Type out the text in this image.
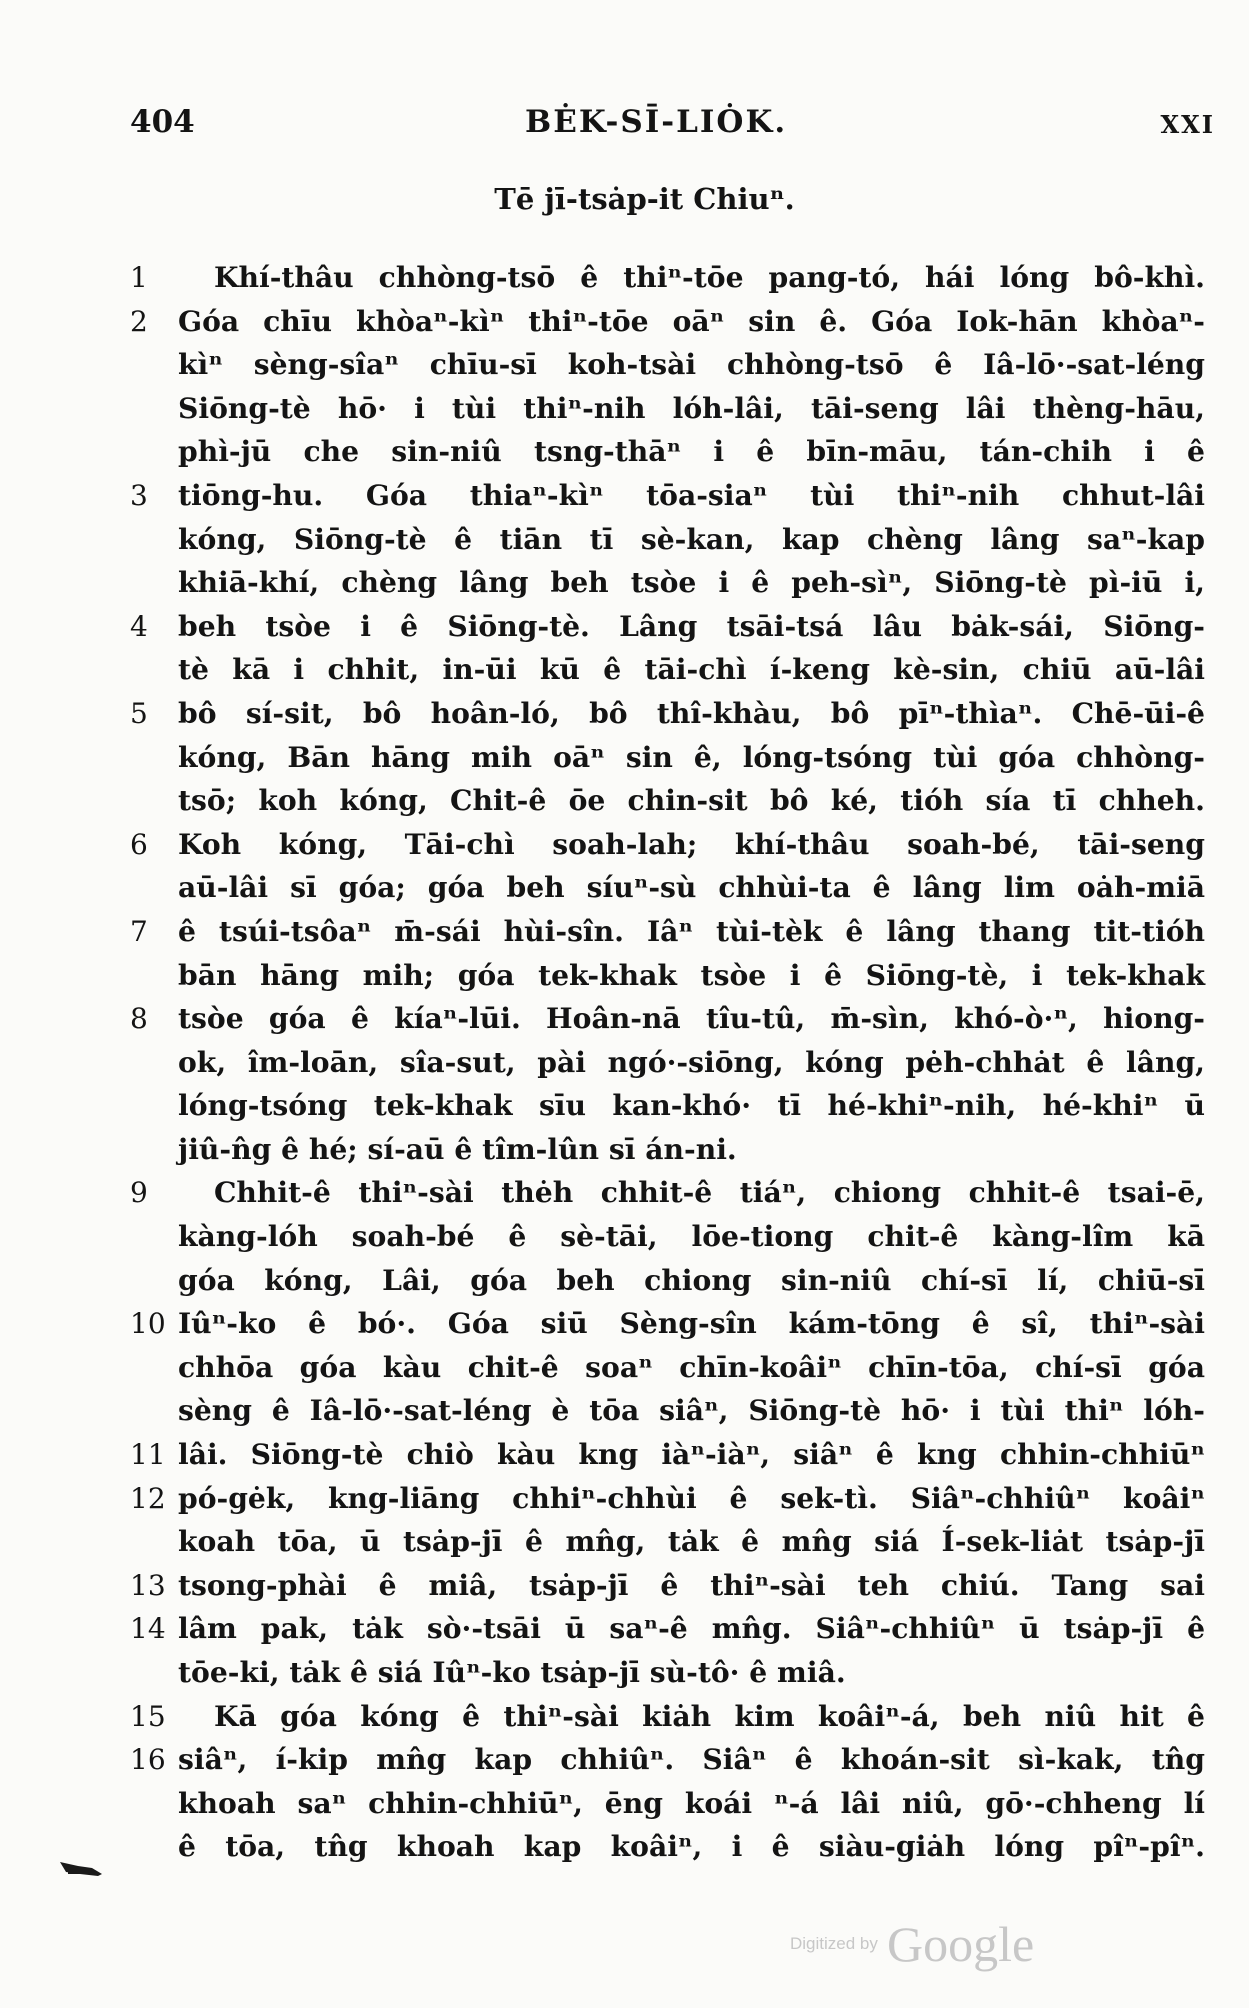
404	BĖK-SĪ-LIȮK.	XXI
Tē jī-tsȧp-it Chiuⁿ.
1	Khí-thâu chhòng-tsō ê thiⁿ-tōe pang-tó, hái lóng bô-khì.
2	Góa chīu khòaⁿ-kìⁿ thiⁿ-tōe oāⁿ sin ê. Góa Iok-hān khòaⁿ-
kìⁿ sèng-sîaⁿ chīu-sī koh-tsài chhòng-tsō ê Iâ-lō·-sat-léng
Siōng-tè hō· i tùi thiⁿ-nih lóh-lâi, tāi-seng lâi thèng-hāu,
phì-jū che sin-niû tsng-thāⁿ i ê bīn-māu, tán-chih i ê
3	tiōng-hu. Góa thiaⁿ-kìⁿ tōa-siaⁿ tùi thiⁿ-nih chhut-lâi
kóng, Siōng-tè ê tiān tī sè-kan, kap chèng lâng saⁿ-kap
khiā-khí, chèng lâng beh tsòe i ê peh-sìⁿ, Siōng-tè pì-iū i,
4	beh tsòe i ê Siōng-tè. Lâng tsāi-tsá lâu bȧk-sái, Siōng-
tè kā i chhit, in-ūi kū ê tāi-chì í-keng kè-sin, chiū aū-lâi
5	bô sí-sit, bô hoân-ló, bô thî-khàu, bô pīⁿ-thìaⁿ. Chē-ūi-ê
kóng, Bān hāng mih oāⁿ sin ê, lóng-tsóng tùi góa chhòng-
tsō; koh kóng, Chit-ê ōe chin-sit bô ké, tióh sía tī chheh.
6	Koh kóng, Tāi-chì soah-lah; khí-thâu soah-bé, tāi-seng
aū-lâi sī góa; góa beh síuⁿ-sù chhùi-ta ê lâng lim oȧh-miā
7	ê tsúi-tsôaⁿ m̄-sái hùi-sîn. Iâⁿ tùi-tèk ê lâng thang tit-tióh
bān hāng mih; góa tek-khak tsòe i ê Siōng-tè, i tek-khak
8	tsòe góa ê kíaⁿ-lūi. Hoân-nā tîu-tû, m̄-sìn, khó-ò·ⁿ, hiong-
ok, îm-loān, sîa-sut, pài ngó·-siōng, kóng pėh-chhȧt ê lâng,
lóng-tsóng tek-khak sīu kan-khó· tī hé-khiⁿ-nih, hé-khiⁿ ū
jiû-n̂g ê hé; sí-aū ê tîm-lûn sī án-ni.
9	Chhit-ê thiⁿ-sài thėh chhit-ê tiáⁿ, chiong chhit-ê tsai-ē,
kàng-lóh soah-bé ê sè-tāi, lōe-tiong chit-ê kàng-lîm kā
góa kóng, Lâi, góa beh chiong sin-niû chí-sī lí, chiū-sī
10 Iûⁿ-ko ê bó·. Góa siū Sèng-sîn kám-tōng ê sî, thiⁿ-sài
chhōa góa kàu chit-ê soaⁿ chīn-koâiⁿ chīn-tōa, chí-sī góa
sèng ê Iâ-lō·-sat-léng è tōa siâⁿ, Siōng-tè hō· i tùi thiⁿ lóh-
11 lâi. Siōng-tè chiò kàu kng iàⁿ-iàⁿ, siâⁿ ê kng chhin-chhiūⁿ
12 pó-gėk, kng-liāng chhiⁿ-chhùi ê sek-tì. Siâⁿ-chhiûⁿ koâiⁿ
koah tōa, ū tsȧp-jī ê mn̂g, tȧk ê mn̂g siá Í-sek-liȧt tsȧp-jī
13 tsong-phài ê miâ, tsȧp-jī ê thiⁿ-sài teh chiú. Tang sai
14 lâm pak, tȧk sò·-tsāi ū saⁿ-ê mn̂g. Siâⁿ-chhiûⁿ ū tsȧp-jī ê
tōe-ki, tȧk ê siá Iûⁿ-ko tsȧp-jī sù-tô· ê miâ.
15 Kā góa kóng ê thiⁿ-sài kiȧh kim koâiⁿ-á, beh niû hit ê
16 siâⁿ, í-kip mn̂g kap chhiûⁿ. Siâⁿ ê khoán-sit sì-kak, tn̂g
khoah saⁿ chhin-chhiūⁿ, ēng koái ⁿ-á lâi niû, gō·-chheng lí
ê tōa, tn̂g khoah kap koâiⁿ, i ê siàu-giȧh lóng pîⁿ-pîⁿ.
Digitized by Google
